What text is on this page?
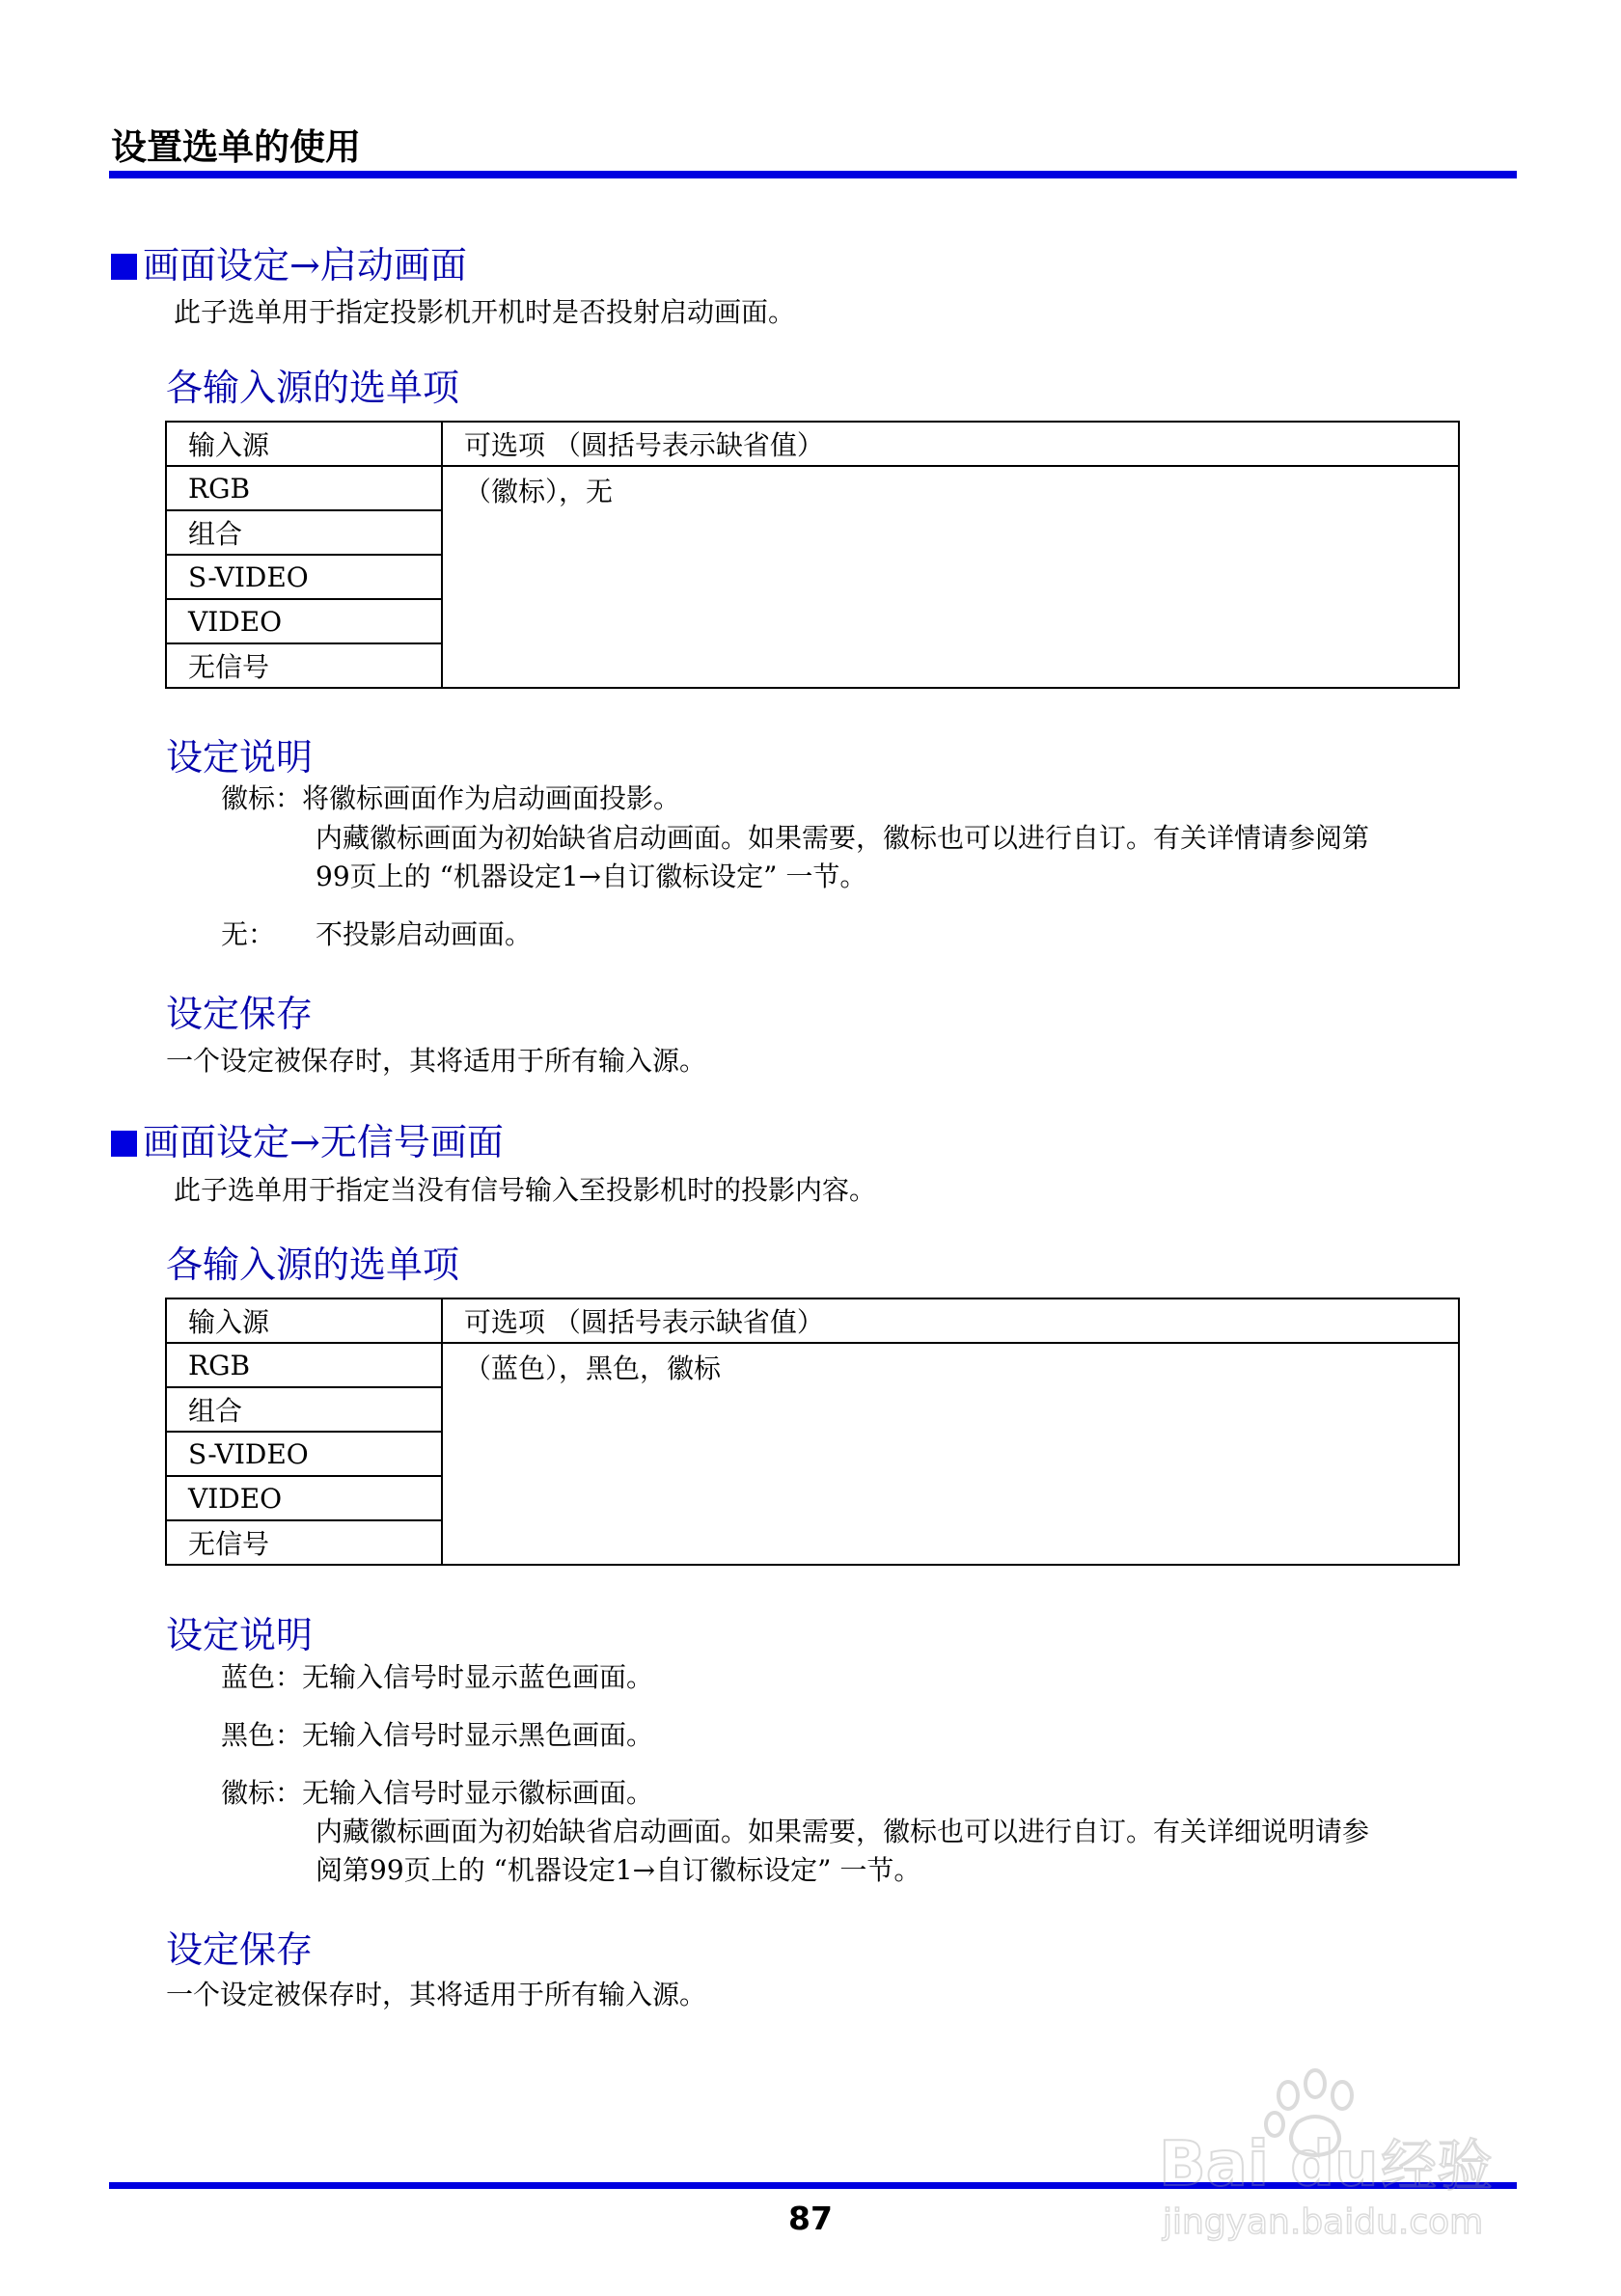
设置选单的使用
画面设定→启动画面
此子选单用于指定投影机开机时是否投射启动画面。
各输入源的选单项
输入源	可选项 （圆括号表示缺省值）
RGB	（徽标），无
组合	
S-VIDEO	
VIDEO	
无信号	
设定说明
徽标：将徽标画面作为启动画面投影。
内藏徽标画面为初始缺省启动画面。如果需要，徽标也可以进行自订。有关详情请参阅第
99页上的 “机器设定1→自订徽标设定” 一节。
无： 不投影启动画面。
设定保存
一个设定被保存时，其将适用于所有输入源。
画面设定→无信号画面
此子选单用于指定当没有信号输入至投影机时的投影内容。
各输入源的选单项
输入源	可选项 （圆括号表示缺省值）
RGB	（蓝色），黑色，徽标
组合	
S-VIDEO	
VIDEO	
无信号	
设定说明
蓝色：无输入信号时显示蓝色画面。
黑色：无输入信号时显示黑色画面。
徽标：无输入信号时显示徽标画面。
内藏徽标画面为初始缺省启动画面。如果需要，徽标也可以进行自订。有关详细说明请参
阅第99页上的 “机器设定1→自订徽标设定” 一节。
设定保存
一个设定被保存时，其将适用于所有输入源。
87
Bai du 经验
jingyan.baidu.com
